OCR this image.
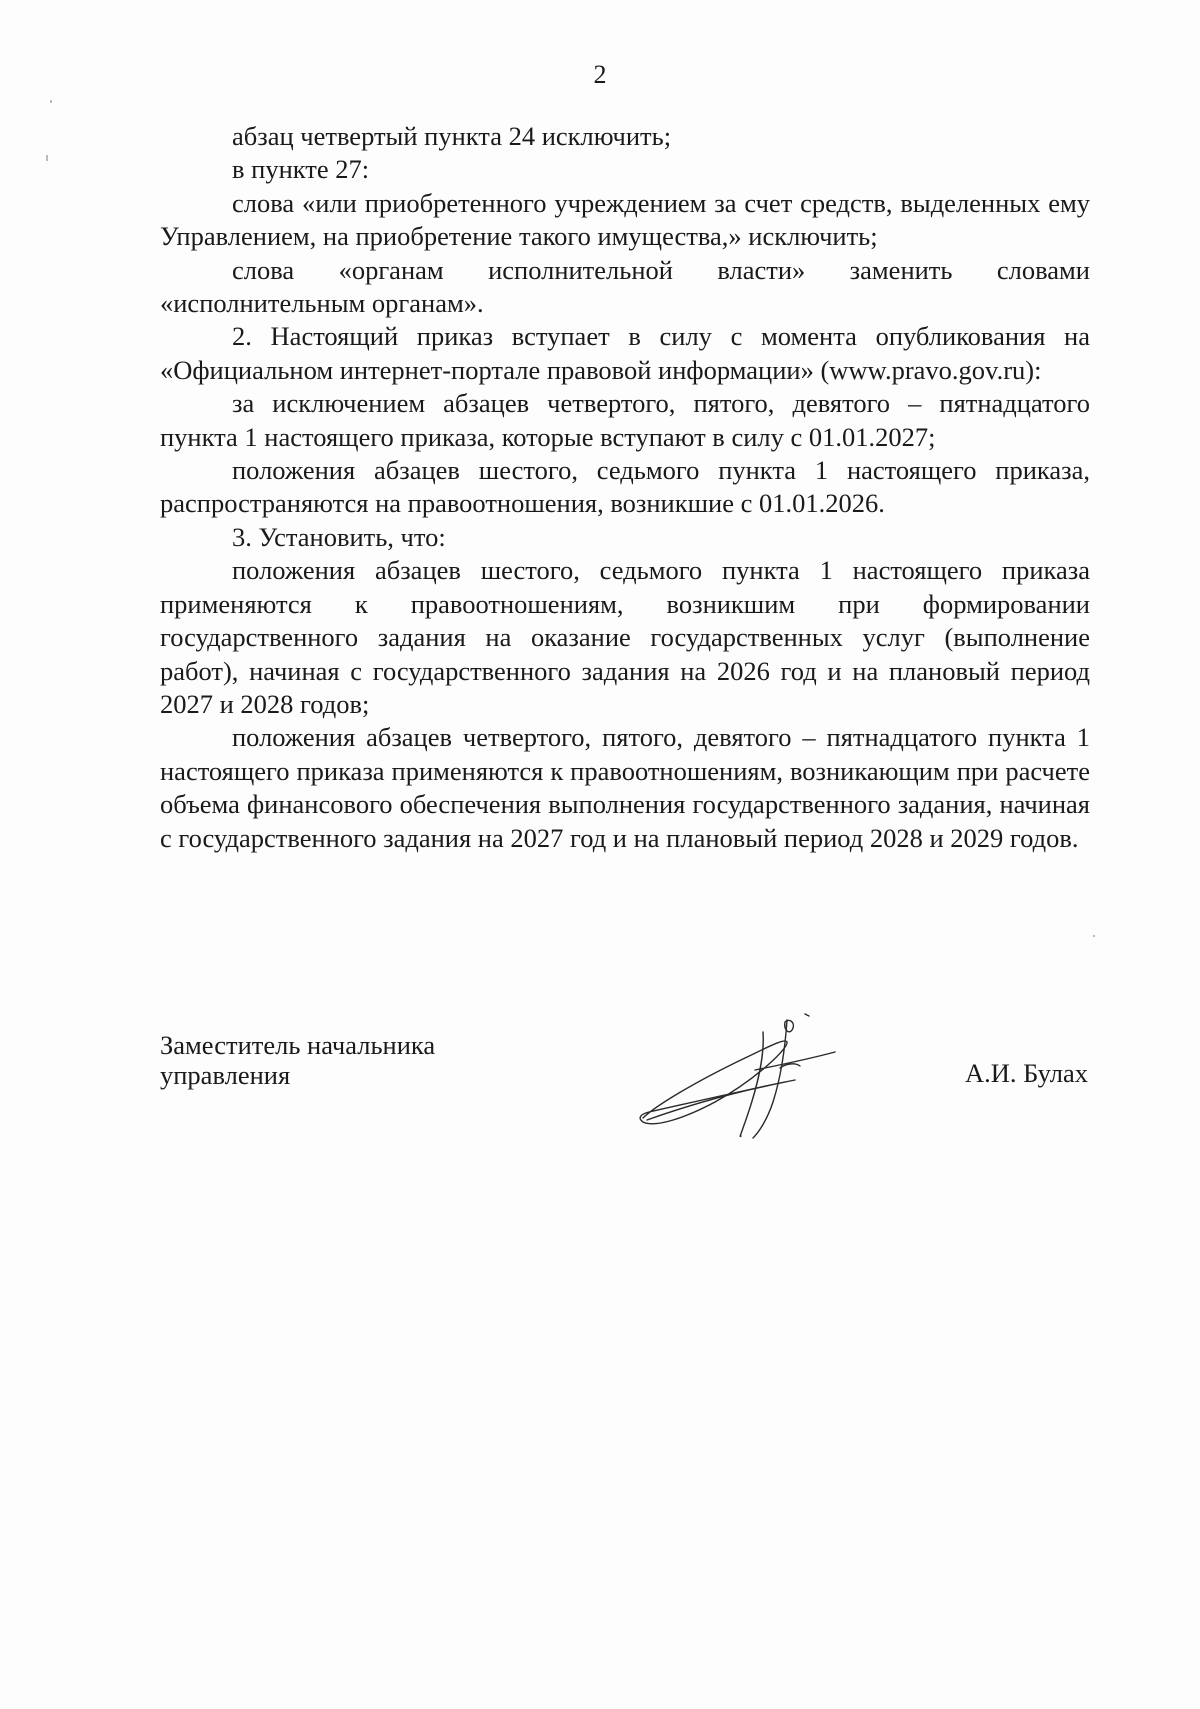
2

абзац четвертый пункта 24 исключить;

в пункте 27:

слова «или приобретенного учреждением за счет средств, выделенных ему Управлением, на приобретение такого имущества,» исключить;

слова «органам исполнительной власти» заменить словами «исполнительным органам».

2. Настоящий приказ вступает в силу с момента опубликования на «Официальном интернет-портале правовой информации» (www.pravo.gov.ru):

за исключением абзацев четвертого, пятого, девятого – пятнадцатого пункта 1 настоящего приказа, которые вступают в силу с 01.01.2027;

положения абзацев шестого, седьмого пункта 1 настоящего приказа, распространяются на правоотношения, возникшие с 01.01.2026.

3. Установить, что:

положения абзацев шестого, седьмого пункта 1 настоящего приказа применяются к правоотношениям, возникшим при формировании государственного задания на оказание государственных услуг (выполнение работ), начиная с государственного задания на 2026 год и на плановый период 2027 и 2028 годов;

положения абзацев четвертого, пятого, девятого – пятнадцатого пункта 1 настоящего приказа применяются к правоотношениям, возникающим при расчете объема финансового обеспечения выполнения государственного задания, начиная с государственного задания на 2027 год и на плановый период 2028 и 2029 годов.

Заместитель начальника
управления	А.И. Булах
